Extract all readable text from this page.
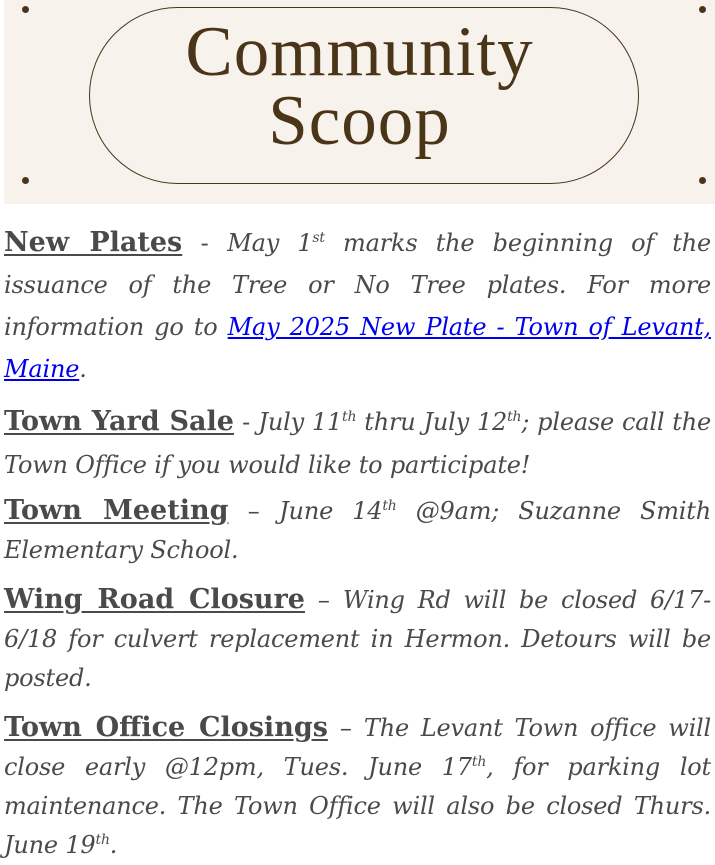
Community
Scoop

New Plates - May 1st marks the beginning of the issuance of the Tree or No Tree plates. For more information go to May 2025 New Plate - Town of Levant, Maine.

Town Yard Sale - July 11th thru July 12th; please call the Town Office if you would like to participate!

Town Meeting – June 14th @9am; Suzanne Smith Elementary School.

Wing Road Closure – Wing Rd will be closed 6/17-6/18 for culvert replacement in Hermon. Detours will be posted.

Town Office Closings – The Levant Town office will close early @12pm, Tues. June 17th, for parking lot maintenance. The Town Office will also be closed Thurs. June 19th.
